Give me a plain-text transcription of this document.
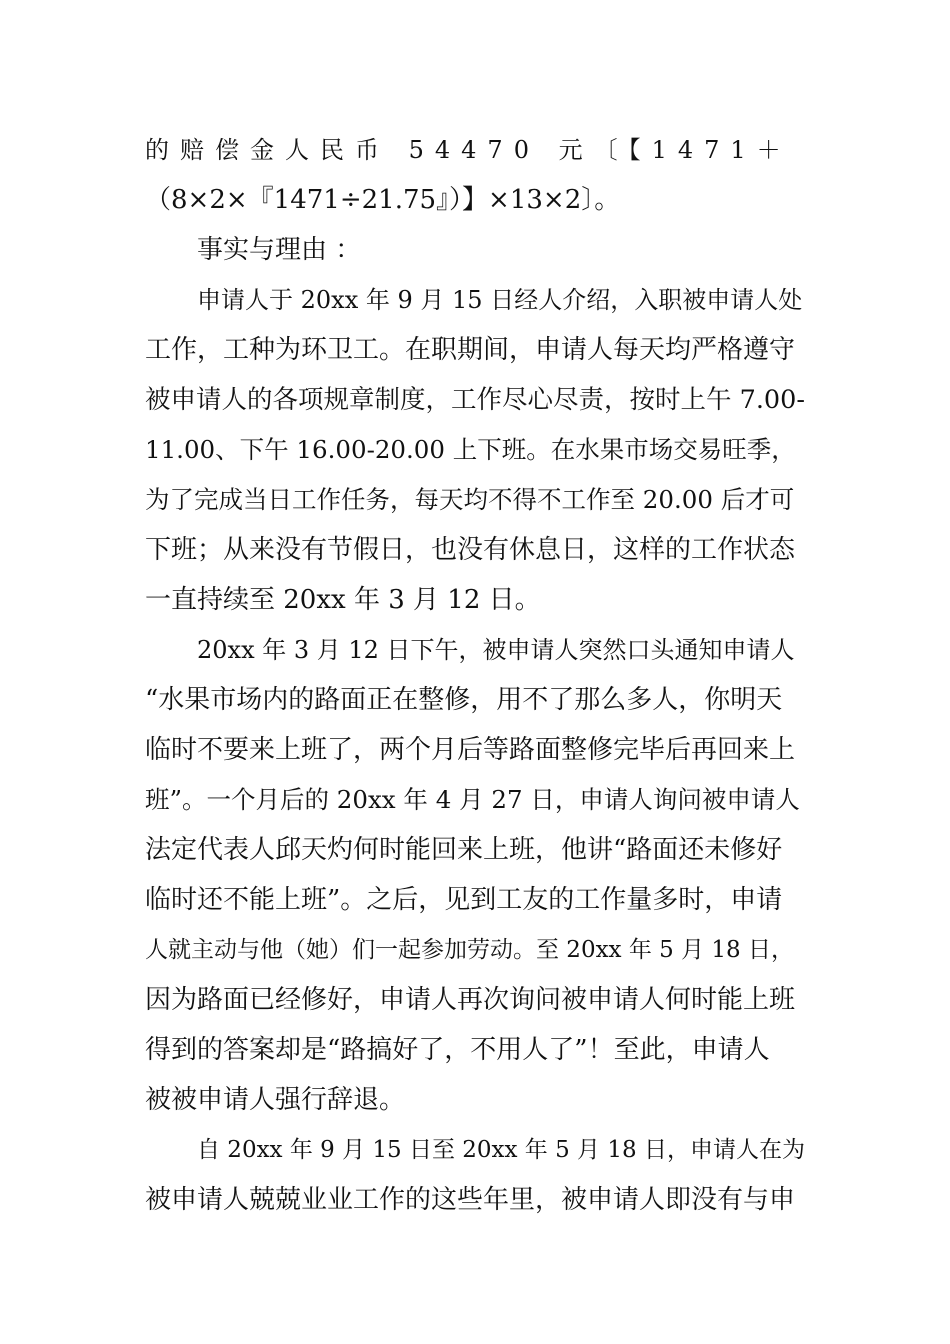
的赔偿金人民币 54470 元〔【1471＋
（8×2×『1471÷21.75』）】×13×2〕。
事实与理由 ：
申请人于 20xx 年 9 月 15 日经人介绍，入职被申请人处
工作，工种为环卫工。在职期间，申请人每天均严格遵守
被申请人的各项规章制度，工作尽心尽责，按时上午 7.00-
11.00、下午 16.00-20.00 上下班。在水果市场交易旺季，
为了完成当日工作任务，每天均不得不工作至 20.00 后才可
下班；从来没有节假日，也没有休息日，这样的工作状态
一直持续至 20xx 年 3 月 12 日。
20xx 年 3 月 12 日下午，被申请人突然口头通知申请人
“水果市场内的路面正在整修，用不了那么多人，你明天
临时不要来上班了，两个月后等路面整修完毕后再回来上
班”。一个月后的 20xx 年 4 月 27 日，申请人询问被申请人
法定代表人邱天灼何时能回来上班，他讲“路面还未修好
临时还不能上班”。之后，见到工友的工作量多时，申请
人就主动与他（她）们一起参加劳动。至 20xx 年 5 月 18 日，
因为路面已经修好，申请人再次询问被申请人何时能上班
得到的答案却是“路搞好了，不用人了”！至此，申请人
被被申请人强行辞退。
自 20xx 年 9 月 15 日至 20xx 年 5 月 18 日，申请人在为
被申请人兢兢业业工作的这些年里，被申请人即没有与申
